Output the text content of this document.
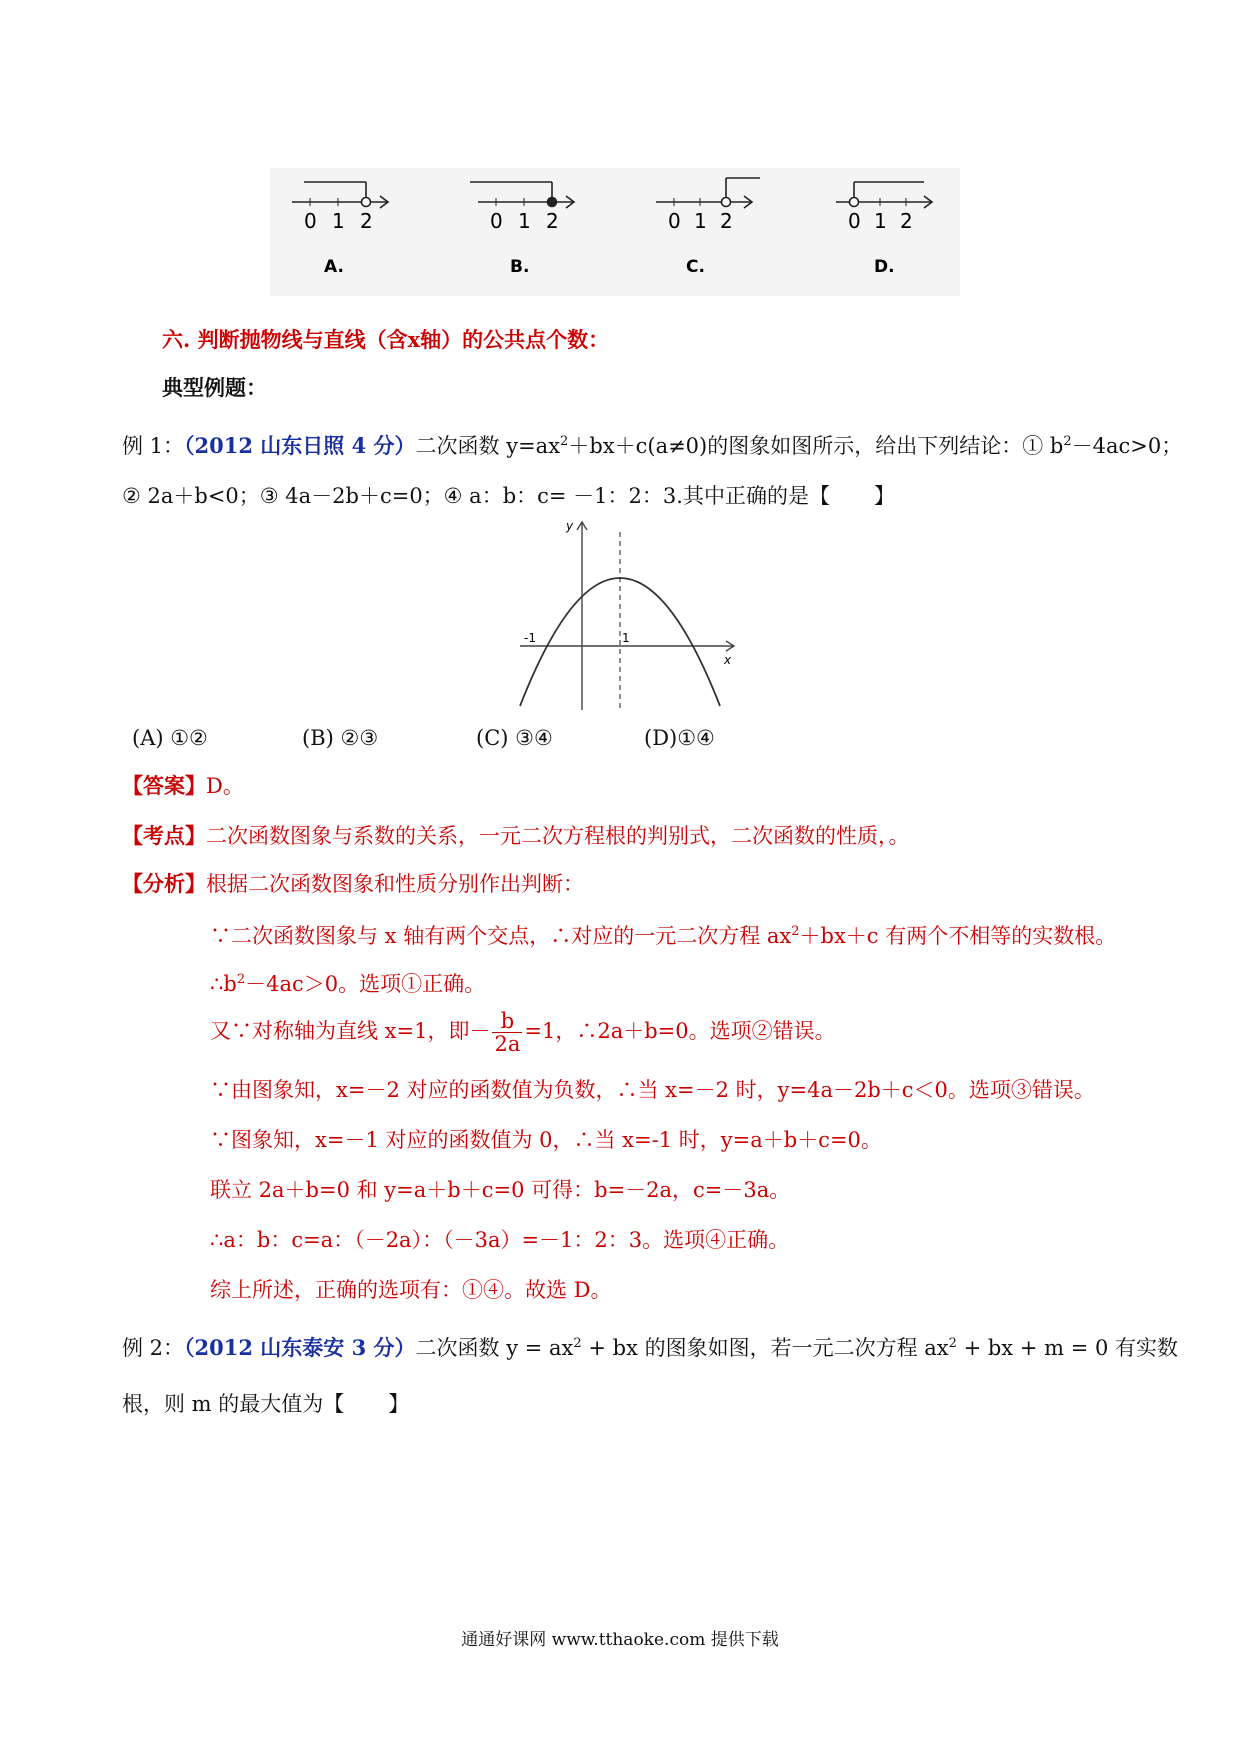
0 1 2
A.
0 1 2
B.
0 1 2
C.
0 1 2
D.
六. 判断抛物线与直线（含x轴）的公共点个数：
典型例题：
例 1：（2012 山东日照 4 分）二次函数 $y=ax^2+bx+c(a\ne 0)$的图象如图所示，给出下列结论：① $b^2-4ac>0$；
② 2a＋b<0；③ 4a－2b＋c=0；④ a：b：c= －1：2：3.其中正确的是【 】
y
x
-1	1
(A) ①②	(B) ②③	(C) ③④	(D)①④
【答案】D。
【考点】二次函数图象与系数的关系，一元二次方程根的判别式，二次函数的性质，。
【分析】根据二次函数图象和性质分别作出判断：
∵二次函数图象与 x 轴有两个交点，∴对应的一元二次方程 $ax^2+bx+c$ 有两个不相等的实数根。
$\therefore b^2-4ac>0$。选项①正确。
又∵对称轴为直线 x=1，即－ $\frac{b}{2a} =1$，∴2a＋b=0。选项②错误。
∵由图象知，x=－2 对应的函数值为负数，∴当 x=－2 时，y=4a－2b＋c＜0。选项③错误。
∵图象知，x=－1 对应的函数值为 0，∴当 x=-1 时，y=a＋b＋c=0。
联立 2a＋b=0 和 y=a＋b＋c=0 可得：b=－2a，c=－3a。
∴a：b：c=a：（－2a）：（－3a）=－1：2：3。选项④正确。
综上所述，正确的选项有：①④。故选 D。
例 2：（2012 山东泰安 3 分）二次函数 $y = ax^2$ + bx 的图象如图，若一元二次方程 $ax^2$ + bx + m = 0 有实数
根，则 m 的最大值为【 】
通通好课网 www.tthaoke.com 提供下载
